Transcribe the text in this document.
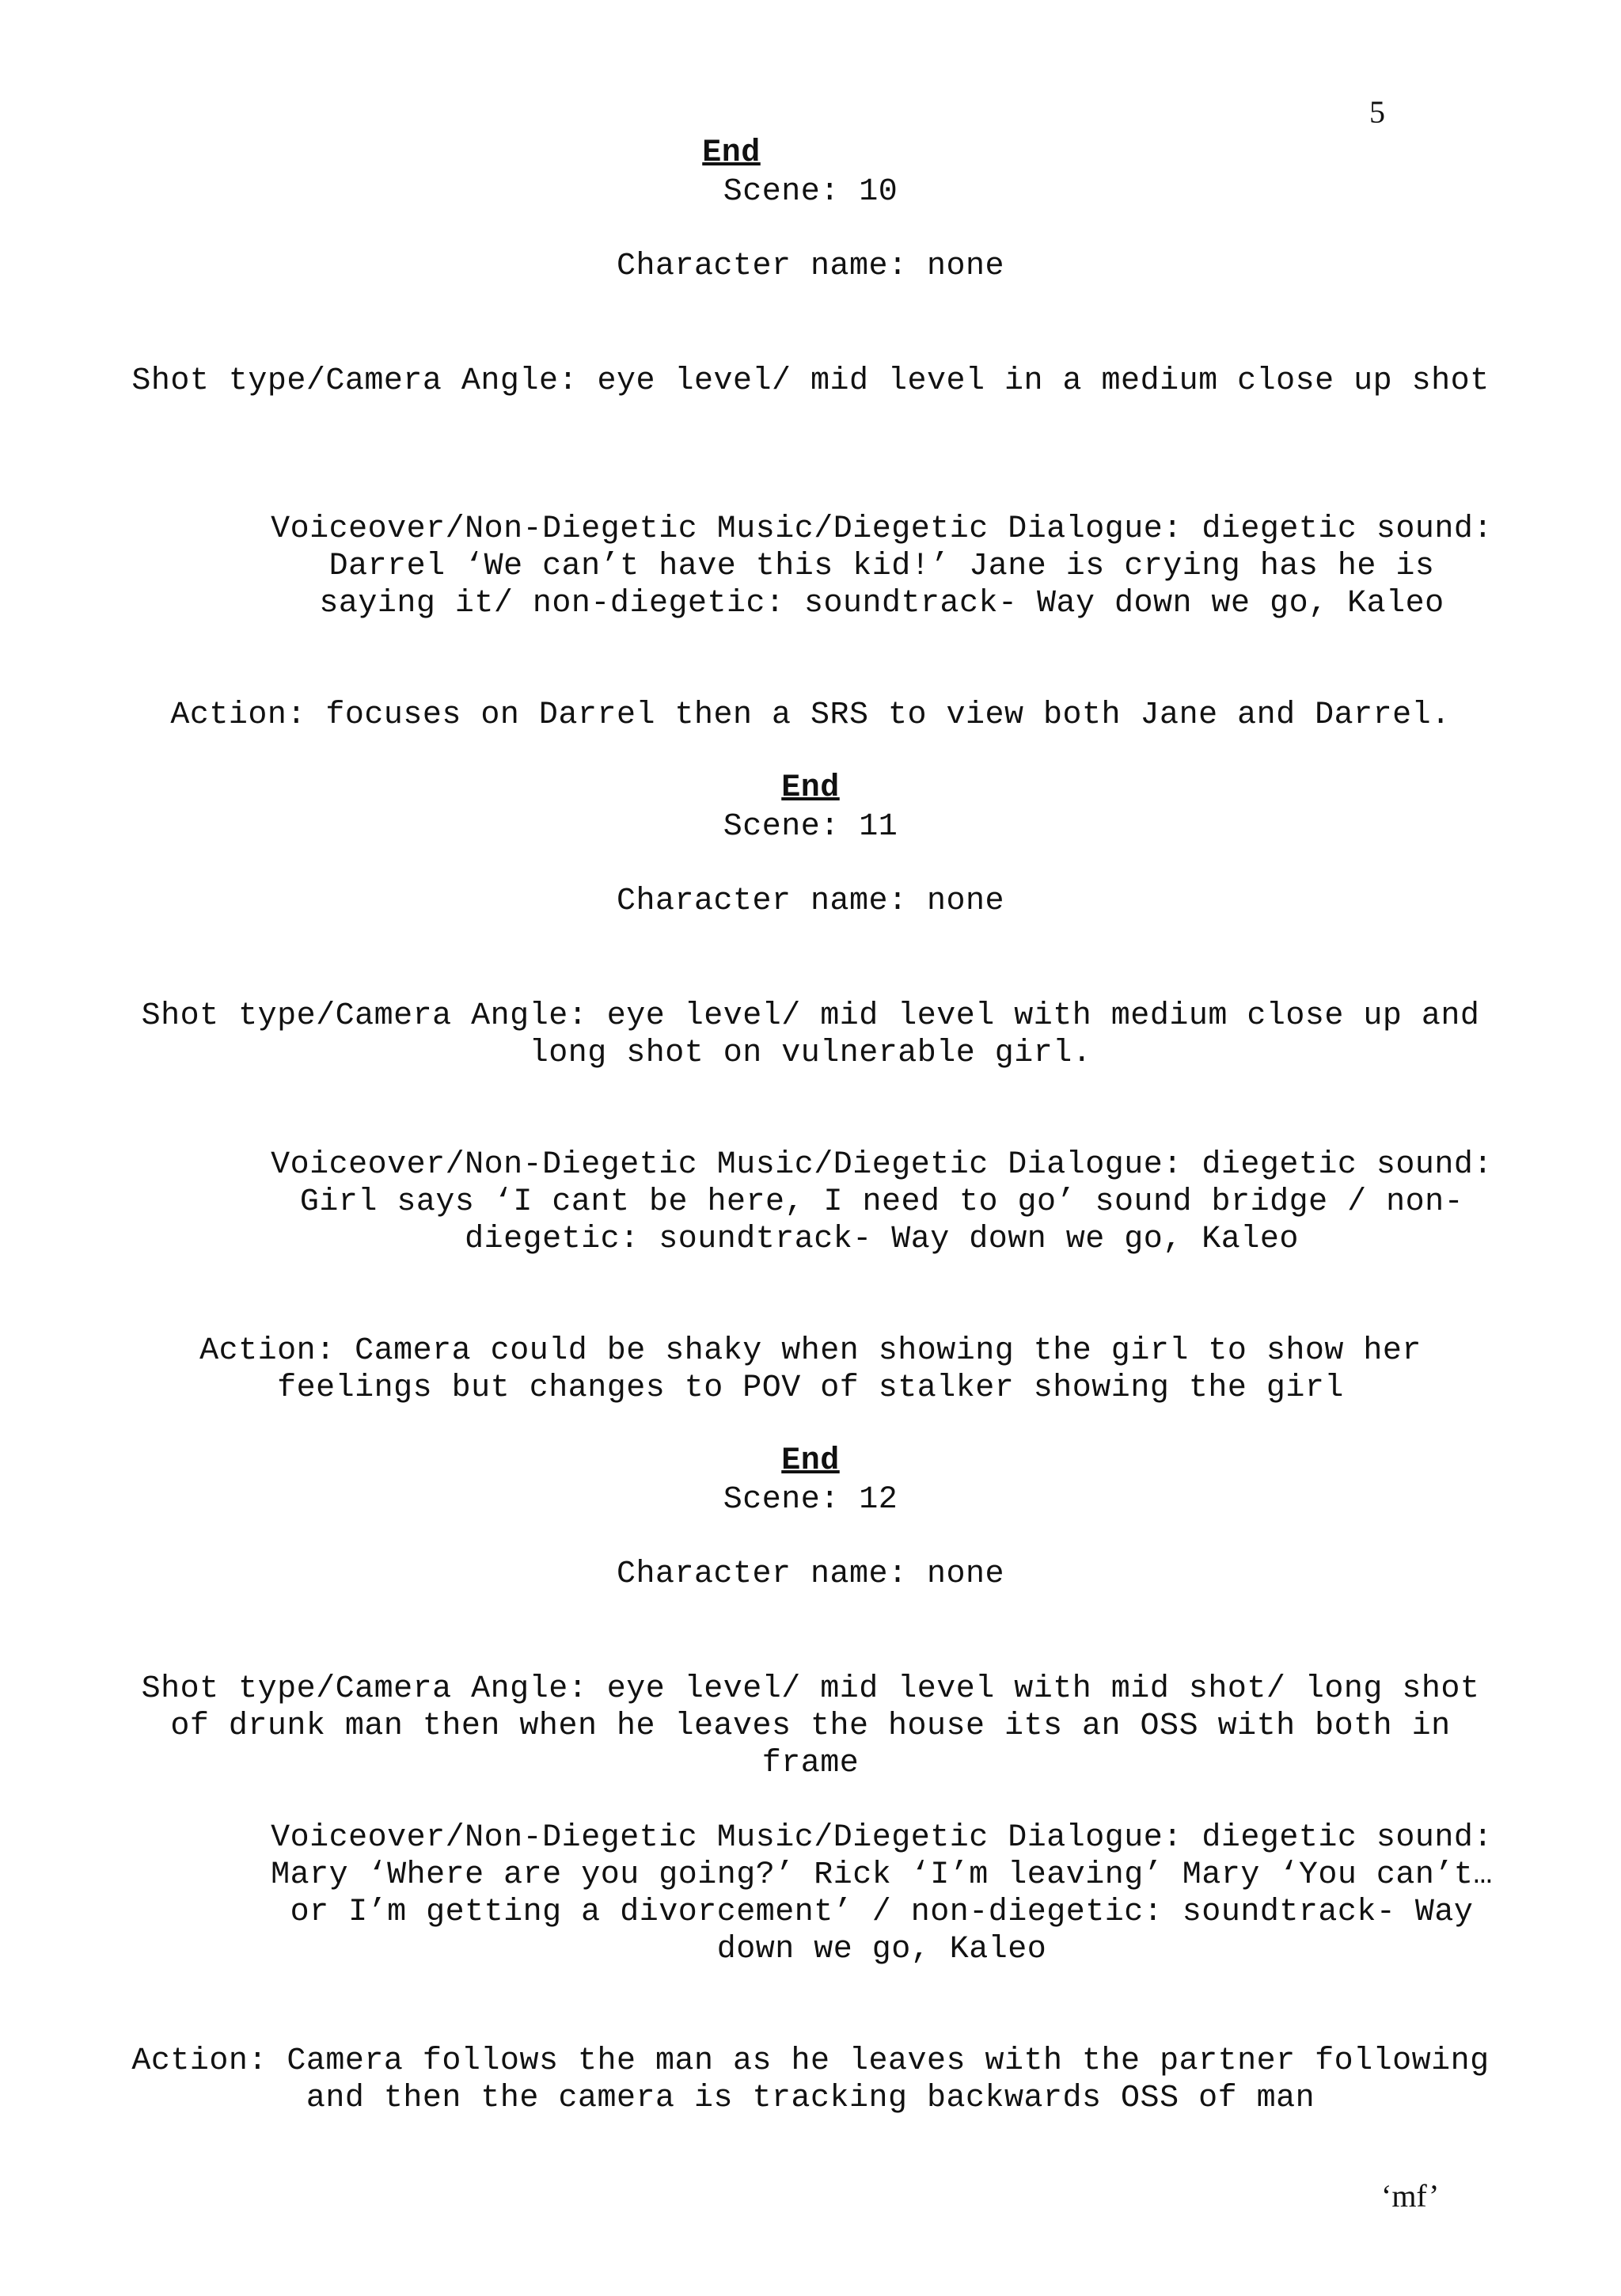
5
End
Scene: 10
Character name: none
Shot type/Camera Angle: eye level/ mid level in a medium close up shot
Voiceover/Non-Diegetic Music/Diegetic Dialogue: diegetic sound:
Darrel ‘We can’t have this kid!’ Jane is crying has he is
saying it/ non-diegetic: soundtrack- Way down we go, Kaleo
Action: focuses on Darrel then a SRS to view both Jane and Darrel.
End
Scene: 11
Character name: none
Shot type/Camera Angle: eye level/ mid level with medium close up and
long shot on vulnerable girl.
Voiceover/Non-Diegetic Music/Diegetic Dialogue: diegetic sound:
Girl says ‘I cant be here, I need to go’ sound bridge / non-
diegetic: soundtrack- Way down we go, Kaleo
Action: Camera could be shaky when showing the girl to show her
feelings but changes to POV of stalker showing the girl
End
Scene: 12
Character name: none
Shot type/Camera Angle: eye level/ mid level with mid shot/ long shot
of drunk man then when he leaves the house its an OSS with both in
frame
Voiceover/Non-Diegetic Music/Diegetic Dialogue: diegetic sound:
Mary ‘Where are you going?’ Rick ‘I’m leaving’ Mary ‘You can’t…
or I’m getting a divorcement’ / non-diegetic: soundtrack- Way
down we go, Kaleo
Action: Camera follows the man as he leaves with the partner following
and then the camera is tracking backwards OSS of man
‘mf’
